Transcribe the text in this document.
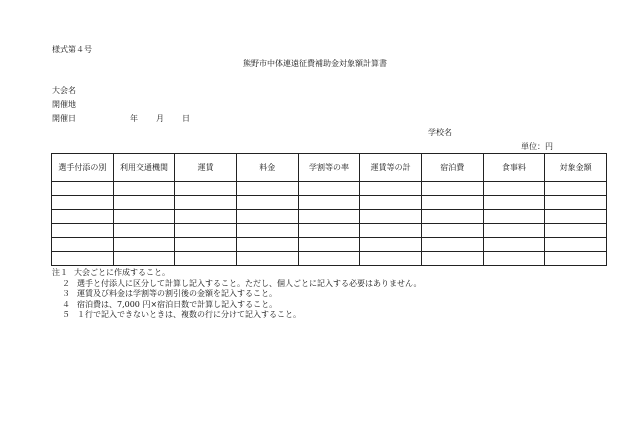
様式第４号
熊野市中体連遠征費補助金対象額計算書
大会名
開催地
開催日	年 月 日
学校名
単位：円
選手付添の別	利用交通機関	運賃	料金	学割等の率	運賃等の計	宿泊費	食事料	対象金額

注１　 大会ごとに作成すること。
２ 選手と付添人に区分して計算し記入すること。ただし、個人ごとに記入する必要はありません。
３ 運賃及び料金は学割等の割引後の金額を記入すること。
４ 宿泊費は、7,000 円×宿泊日数で計算し記入すること。
５ １行で記入できないときは、複数の行に分けて記入すること。
